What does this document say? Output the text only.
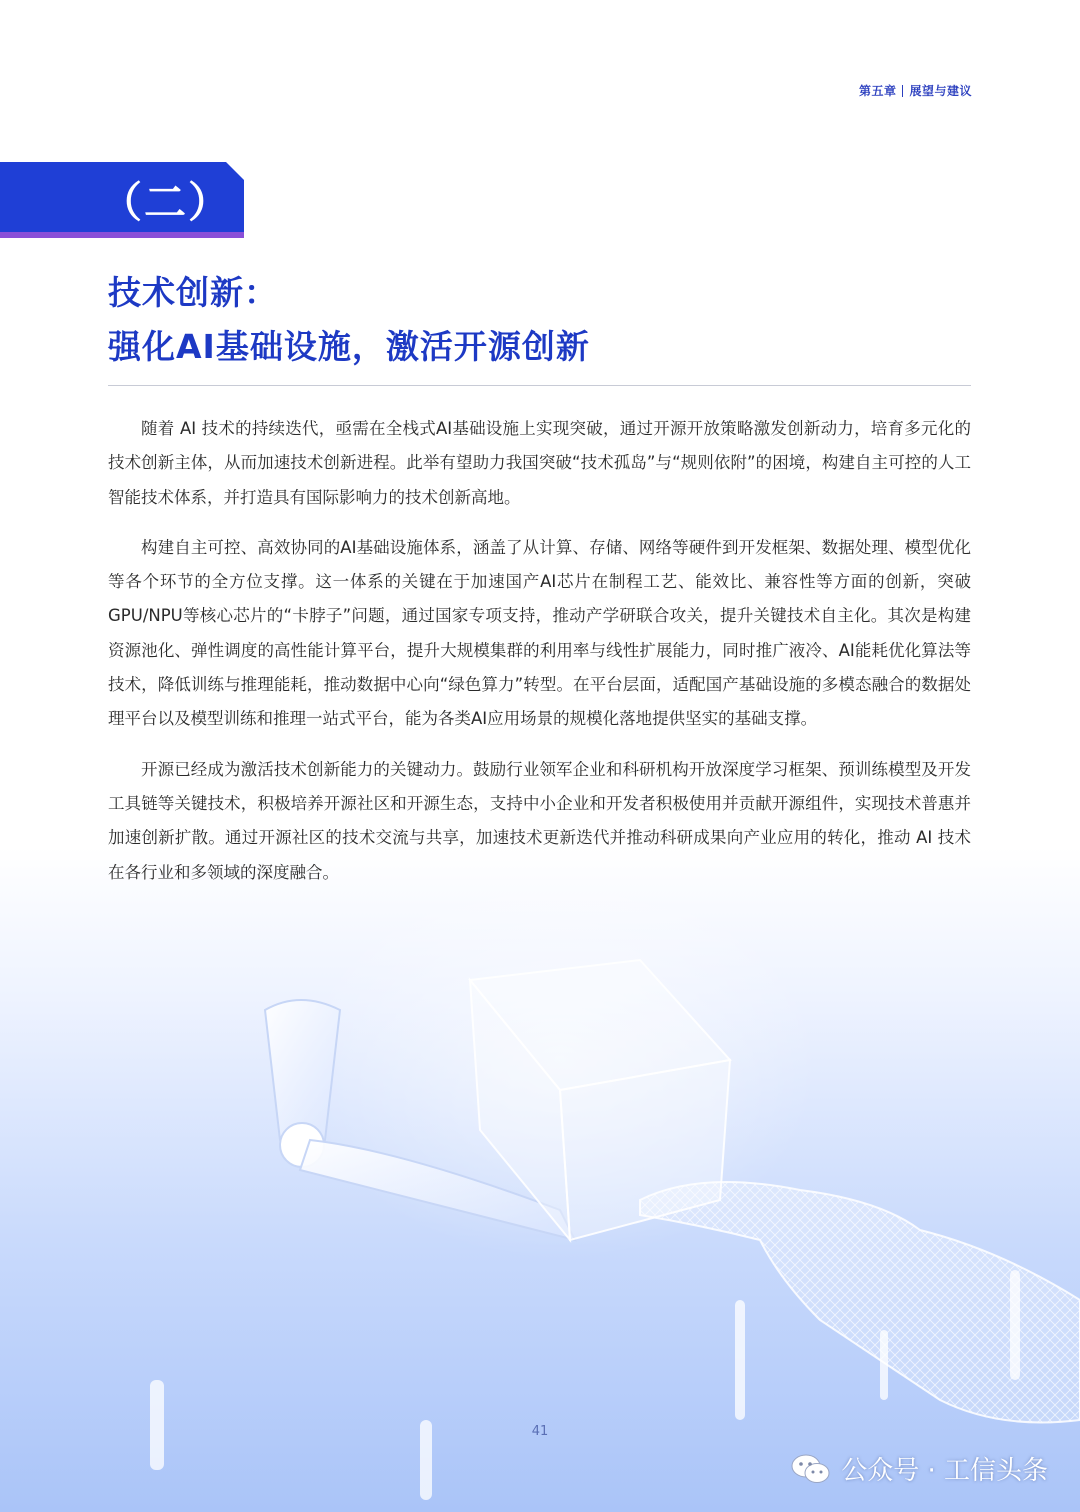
第五章 展望与建议
（二）
技术创新：
强化AI基础设施，激活开源创新

随着 AI 技术的持续迭代，亟需在全栈式AI基础设施上实现突破，通过开源开放策略激发创新动力，培育多元化的技术创新主体，从而加速技术创新进程。此举有望助力我国突破“技术孤岛”与“规则依附”的困境，构建自主可控的人工智能技术体系，并打造具有国际影响力的技术创新高地。

构建自主可控、高效协同的AI基础设施体系，涵盖了从计算、存储、网络等硬件到开发框架、数据处理、模型优化等各个环节的全方位支撑。这一体系的关键在于加速国产AI芯片在制程工艺、能效比、兼容性等方面的创新，突破GPU/NPU等核心芯片的“卡脖子”问题，通过国家专项支持，推动产学研联合攻关，提升关键技术自主化。其次是构建资源池化、弹性调度的高性能计算平台，提升大规模集群的利用率与线性扩展能力，同时推广液冷、AI能耗优化算法等技术，降低训练与推理能耗，推动数据中心向“绿色算力”转型。在平台层面，适配国产基础设施的多模态融合的数据处理平台以及模型训练和推理一站式平台，能为各类AI应用场景的规模化落地提供坚实的基础支撑。

开源已经成为激活技术创新能力的关键动力。鼓励行业领军企业和科研机构开放深度学习框架、预训练模型及开发工具链等关键技术，积极培养开源社区和开源生态，支持中小企业和开发者积极使用并贡献开源组件，实现技术普惠并加速创新扩散。通过开源社区的技术交流与共享，加速技术更新迭代并推动科研成果向产业应用的转化，推动 AI 技术在各行业和多领域的深度融合。

41
公众号 · 工信头条
